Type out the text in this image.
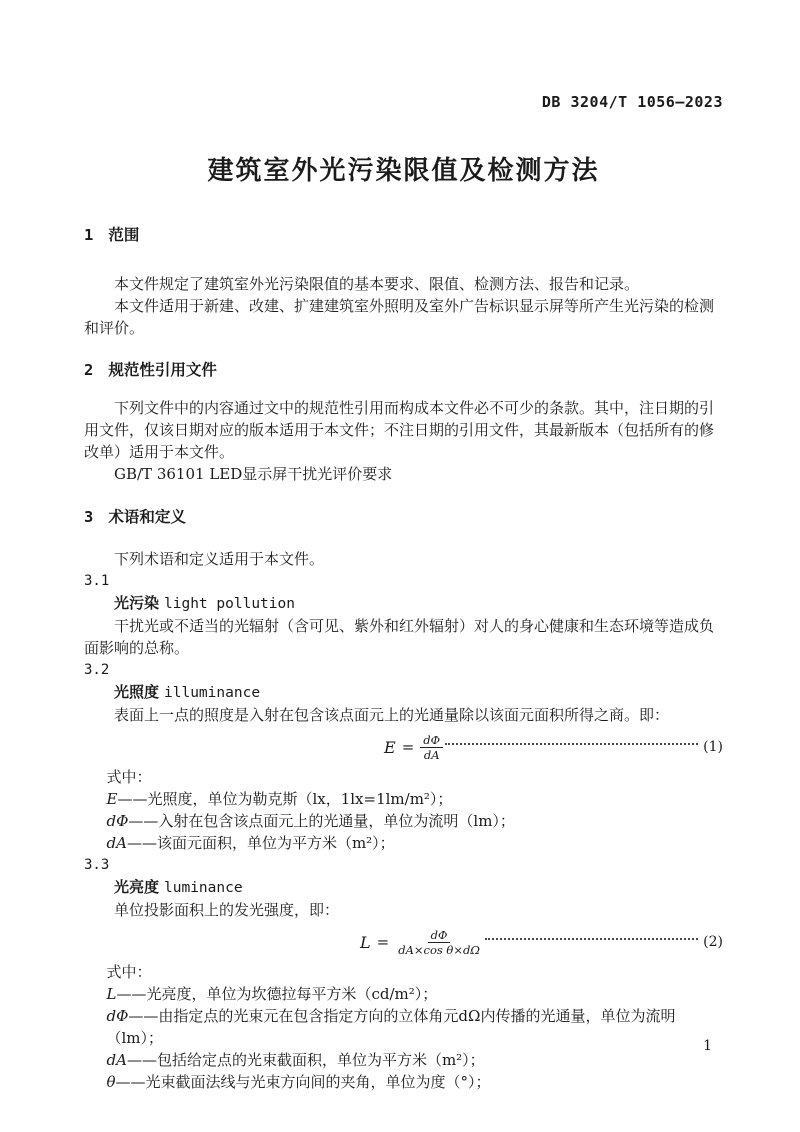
DB 3204/T 1056—2023
建筑室外光污染限值及检测方法
1 范围

本文件规定了建筑室外光污染限值的基本要求、限值、检测方法、报告和记录。

本文件适用于新建、改建、扩建建筑室外照明及室外广告标识显示屏等所产生光污染的检测和评价。

2 规范性引用文件

下列文件中的内容通过文中的规范性引用而构成本文件必不可少的条款。其中，注日期的引用文件，仅该日期对应的版本适用于本文件；不注日期的引用文件，其最新版本（包括所有的修改单）适用于本文件。

GB/T 36101 LED显示屏干扰光评价要求

3 术语和定义

下列术语和定义适用于本文件。

3.1
光污染 light pollution

干扰光或不适当的光辐射（含可见、紫外和红外辐射）对人的身心健康和生态环境等造成负面影响的总称。

3.2
光照度 illuminance

表面上一点的照度是入射在包含该点面元上的光通量除以该面元面积所得之商。即：

$E = \frac{d\Phi}{dA}$	(1)

式中：

E——光照度，单位为勒克斯（lx，1lx=1lm/m²）；
dΦ——入射在包含该点面元上的光通量，单位为流明（lm）；
dA——该面元面积，单位为平方米（m²）；
3.3
光亮度 luminance

单位投影面积上的发光强度，即：

$L = \frac{d\Phi}{\text{dA×cos θ×dΩ}}$	(2)

式中：

L——光亮度，单位为坎德拉每平方米（cd/m²）；
dΦ——由指定点的光束元在包含指定方向的立体角元dΩ内传播的光通量，单位为流明（lm）；
dA——包括给定点的光束截面积，单位为平方米（m²）；
θ——光束截面法线与光束方向间的夹角，单位为度（°）；
1
